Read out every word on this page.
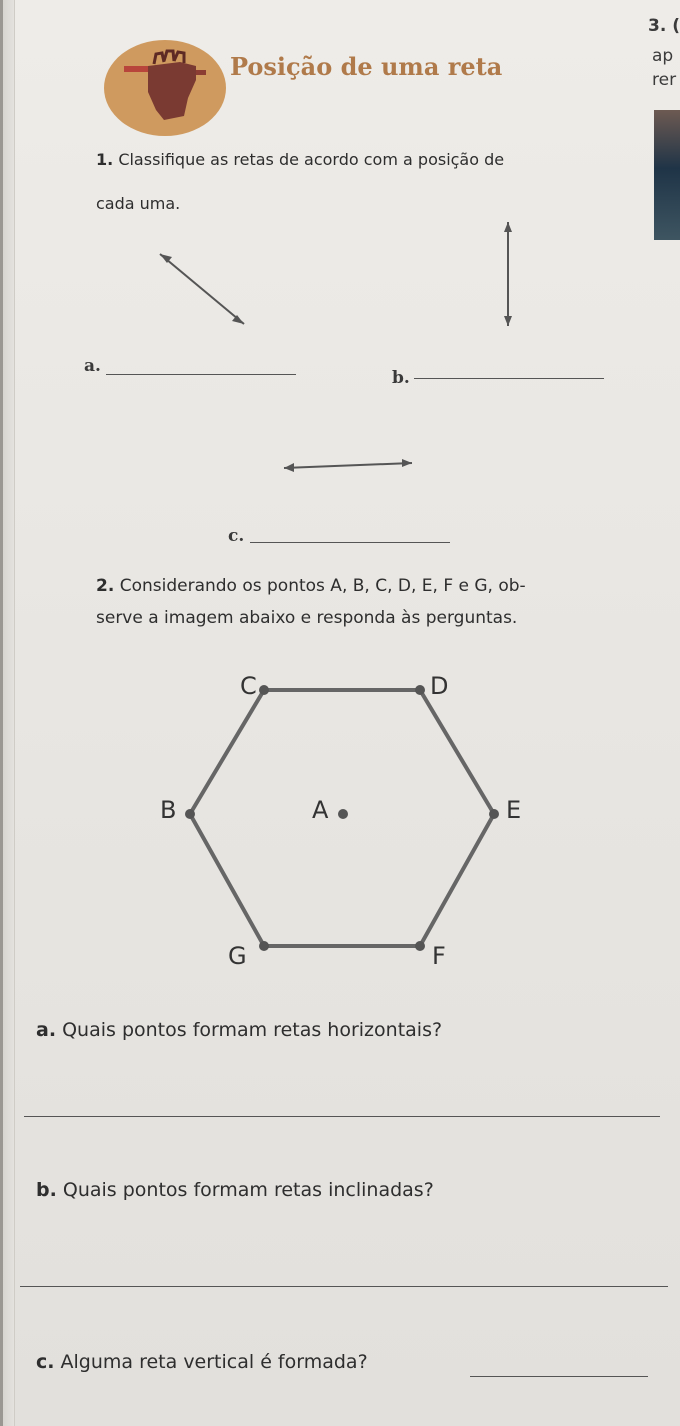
3. (
ap
rer
Posição de uma reta
1. Classifique as retas de acordo com a posição de
cada uma.
a.
b.
c.
2. Considerando os pontos A, B, C, D, E, F e G, ob-
serve a imagem abaixo e responda às perguntas.
C	D
B	A	E
G	F
a. Quais pontos formam retas horizontais?
b. Quais pontos formam retas inclinadas?
c. Alguma reta vertical é formada?
